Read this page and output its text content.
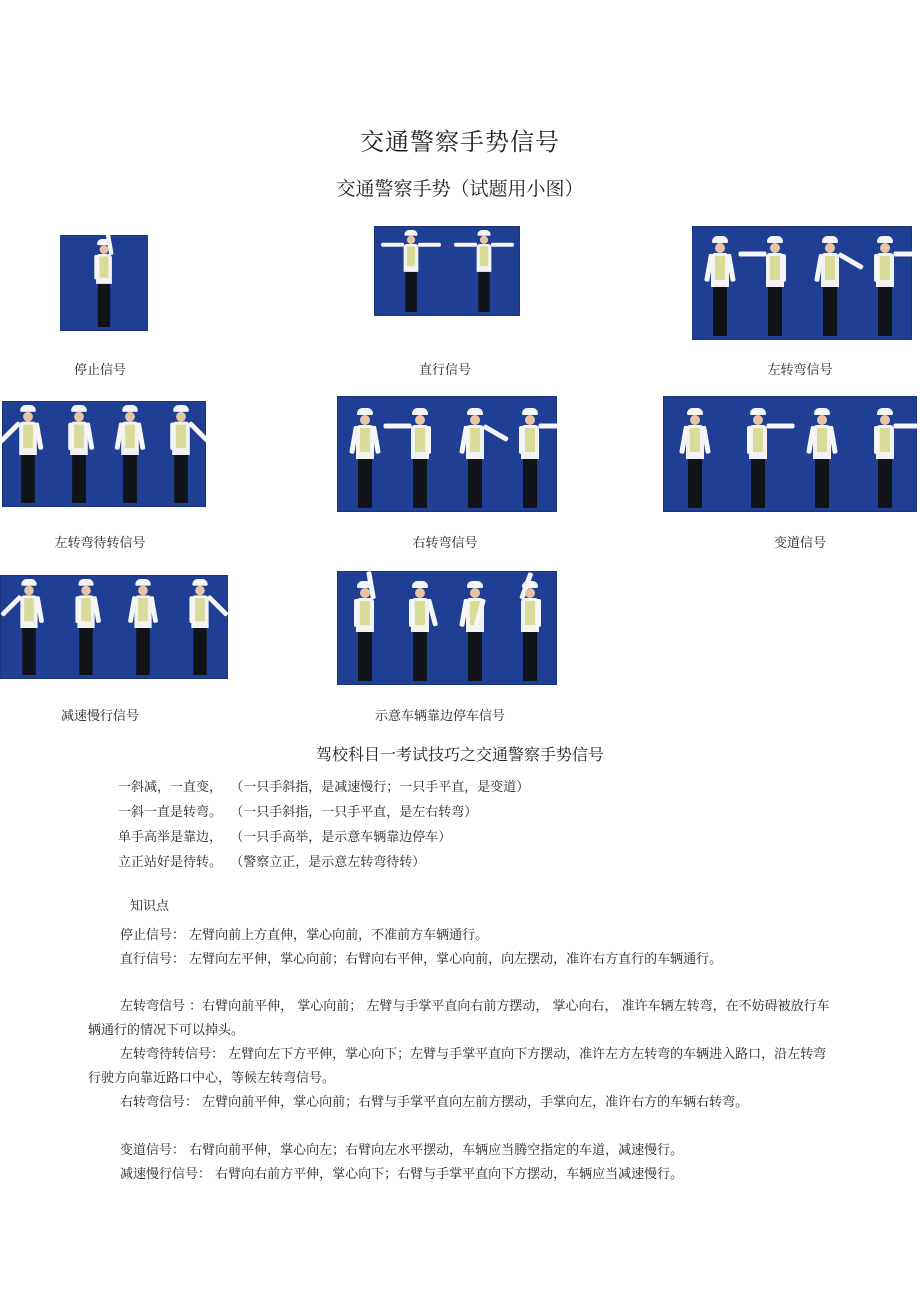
交通警察手势信号
交通警察手势（试题用小图）
停止信号	直行信号	左转弯信号
左转弯待转信号	右转弯信号	变道信号
减速慢行信号	示意车辆靠边停车信号
驾校科目一考试技巧之交通警察手势信号
一斜减，一直变，  （一只手斜指，是减速慢行；一只手平直，是变道）
一斜一直是转弯。  （一只手斜指，一只手平直，是左右转弯）
单手高举是靠边，  （一只手高举，是示意车辆靠边停车）
立正站好是待转。  （警察立正，是示意左转弯待转）
知识点
停止信号： 左臂向前上方直伸，掌心向前，不准前方车辆通行。
直行信号： 左臂向左平伸，掌心向前；右臂向右平伸，掌心向前，向左摆动，准许右方直行的车辆通行。
左转弯信号 ：右臂向前平伸， 掌心向前； 左臂与手掌平直向右前方摆动， 掌心向右， 准许车辆左转弯，在不妨碍被放行车辆通行的情况下可以掉头。
左转弯待转信号： 左臂向左下方平伸，掌心向下；左臂与手掌平直向下方摆动，准许左方左转弯的车辆进入路口，沿左转弯行驶方向靠近路口中心，等候左转弯信号。
右转弯信号： 左臂向前平伸，掌心向前；右臂与手掌平直向左前方摆动，手掌向左，准许右方的车辆右转弯。
变道信号： 右臂向前平伸，掌心向左；右臂向左水平摆动，车辆应当腾空指定的车道，减速慢行。
减速慢行信号： 右臂向右前方平伸，掌心向下；右臂与手掌平直向下方摆动，车辆应当减速慢行。
